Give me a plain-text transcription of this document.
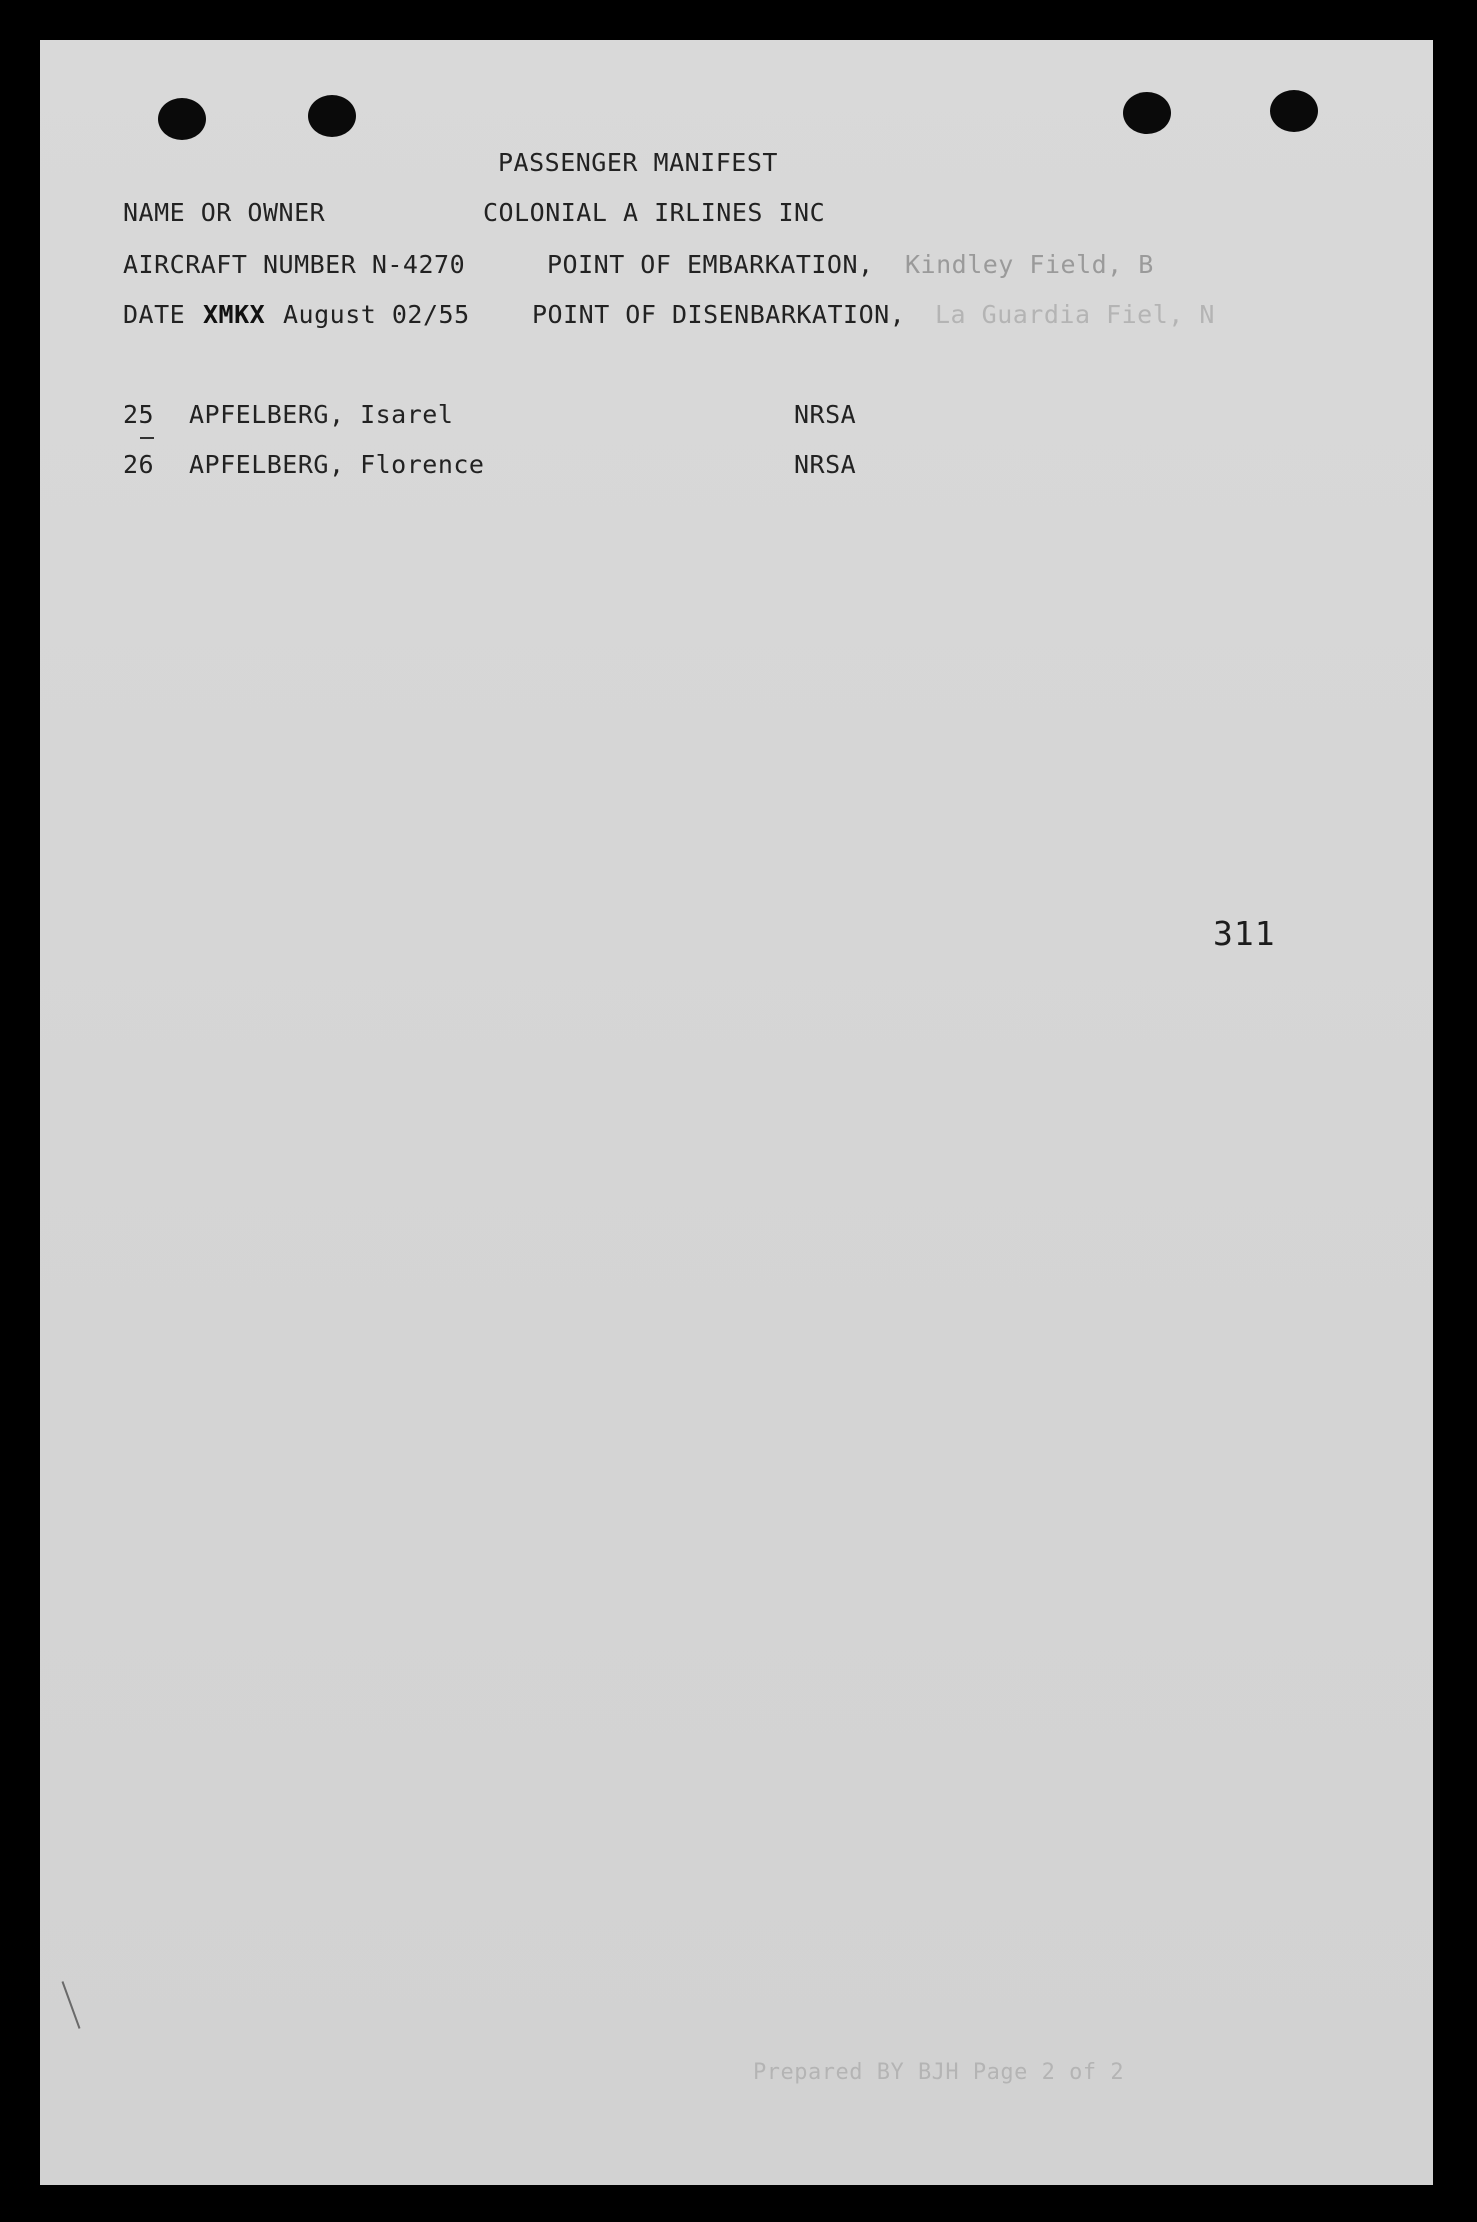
PASSENGER MANIFEST
NAME OR OWNER	COLONIAL A IRLINES INC
AIRCRAFT NUMBER N-4270	POINT OF EMBARKATION, Kindley Field, B
DATE XMKX August 02/55 POINT OF DISENBARKATION, La Guardia Fiel, N
25 APFELBERG, Isarel	NRSA
26 APFELBERG, Florence	NRSA
311
Prepared BY BJH Page 2 of 2
